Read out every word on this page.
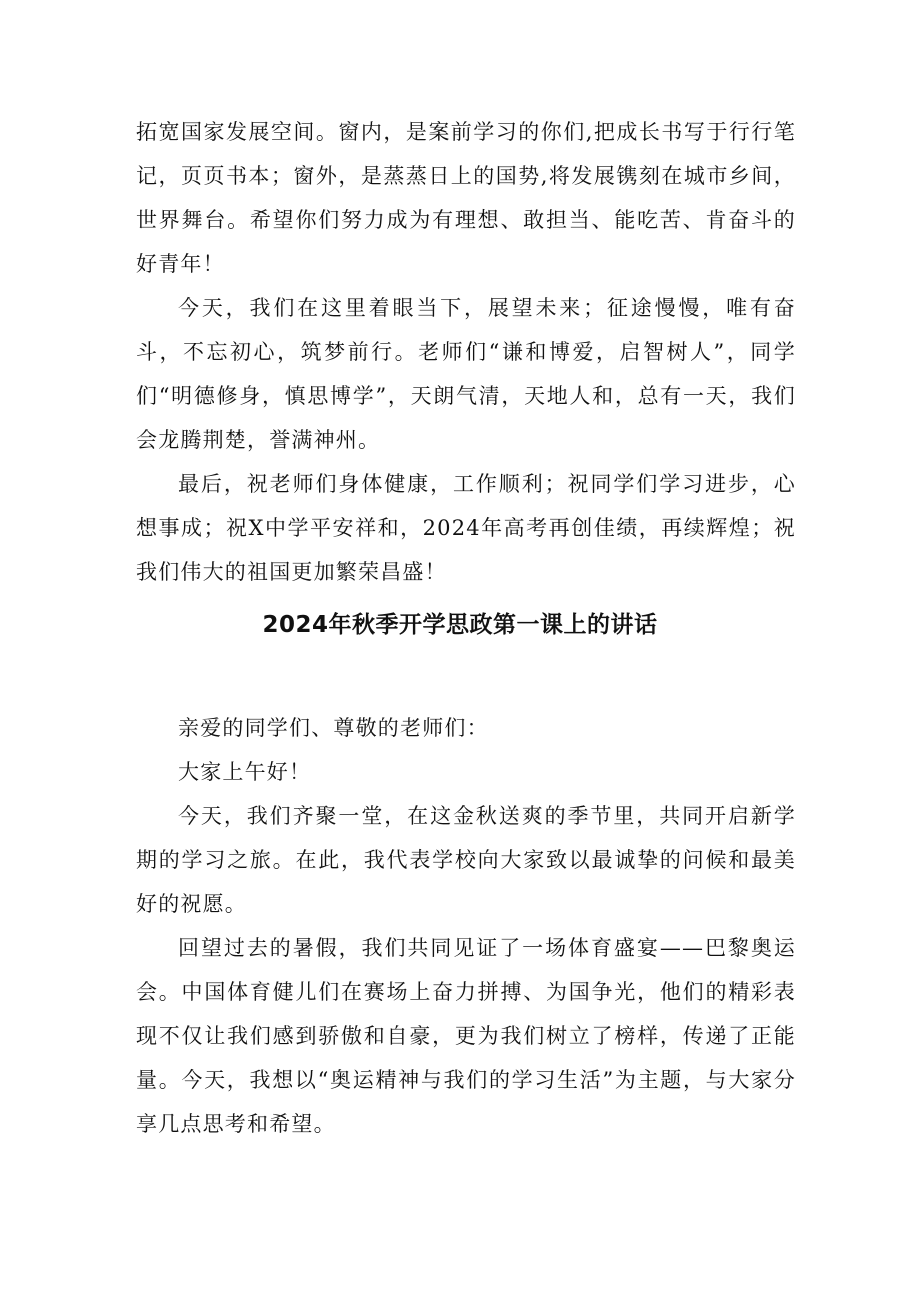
拓宽国家发展空间。窗内，是案前学习的你们,把成长书写于行行笔记，页页书本；窗外，是蒸蒸日上的国势,将发展镌刻在城市乡间，世界舞台。希望你们努力成为有理想、敢担当、能吃苦、肯奋斗的好青年！

今天，我们在这里着眼当下，展望未来；征途慢慢，唯有奋斗，不忘初心，筑梦前行。老师们“谦和博爱，启智树人”，同学们“明德修身，慎思博学”，天朗气清，天地人和，总有一天，我们会龙腾荆楚，誉满神州。

最后，祝老师们身体健康，工作顺利；祝同学们学习进步，心想事成；祝X中学平安祥和，2024年高考再创佳绩，再续辉煌；祝我们伟大的祖国更加繁荣昌盛！

2024年秋季开学思政第一课上的讲话

亲爱的同学们、尊敬的老师们：

大家上午好！

今天，我们齐聚一堂，在这金秋送爽的季节里，共同开启新学期的学习之旅。在此，我代表学校向大家致以最诚挚的问候和最美好的祝愿。

回望过去的暑假，我们共同见证了一场体育盛宴——巴黎奥运会。中国体育健儿们在赛场上奋力拼搏、为国争光，他们的精彩表现不仅让我们感到骄傲和自豪，更为我们树立了榜样，传递了正能量。今天，我想以“奥运精神与我们的学习生活”为主题，与大家分享几点思考和希望。
